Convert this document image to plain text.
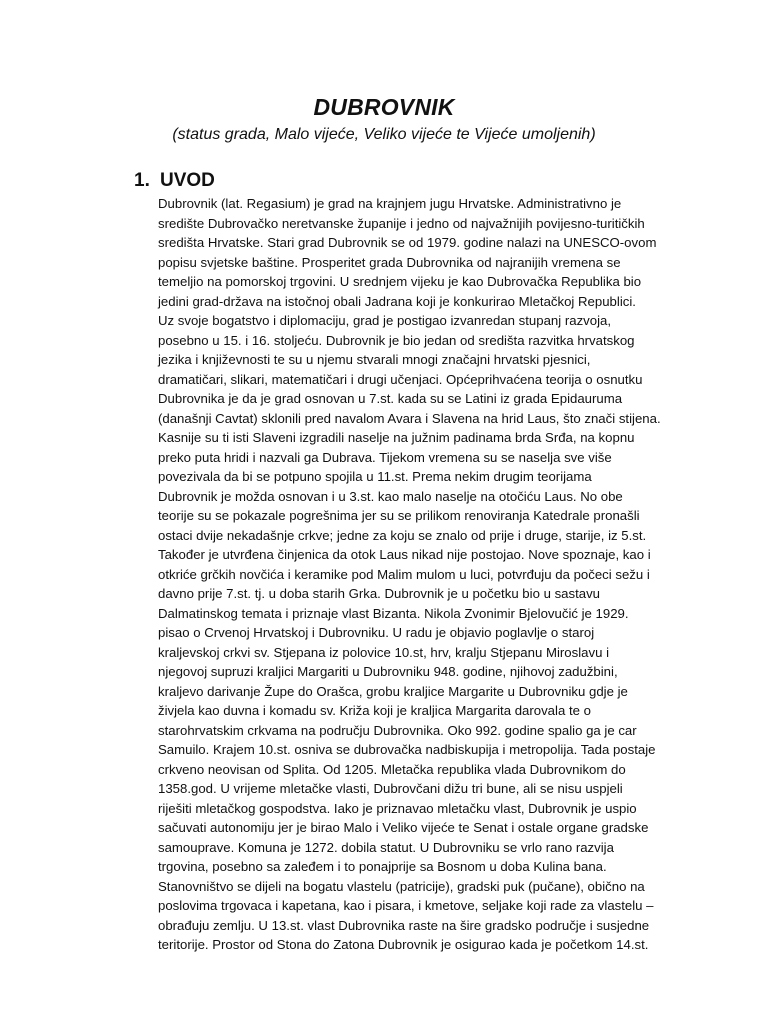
DUBROVNIK
(status grada, Malo vijeće, Veliko vijeće te Vijeće umoljenih)
1. UVOD
Dubrovnik (lat. Regasium) je grad na krajnjem jugu Hrvatske. Administrativno je
središte Dubrovačko neretvanske županije i jedno od najvažnijih povijesno-turitičkih
središta Hrvatske. Stari grad Dubrovnik se od 1979. godine nalazi na UNESCO-ovom
popisu svjetske baštine. Prosperitet grada Dubrovnika od najranijih vremena se
temeljio na pomorskoj trgovini. U srednjem vijeku je kao Dubrovačka Republika bio
jedini grad-država na istočnoj obali Jadrana koji je konkurirao Mletačkoj Republici.
Uz svoje bogatstvo i diplomaciju, grad je postigao izvanredan stupanj razvoja,
posebno u 15. i 16. stoljeću. Dubrovnik je bio jedan od središta razvitka hrvatskog
jezika i književnosti te su u njemu stvarali mnogi značajni hrvatski pjesnici,
dramatičari, slikari, matematičari i drugi učenjaci. Općeprihvaćena teorija o osnutku
Dubrovnika je da je grad osnovan u 7.st. kada su se Latini iz grada Epidauruma
(današnji Cavtat) sklonili pred navalom Avara i Slavena na hrid Laus, što znači stijena.
Kasnije su ti isti Slaveni izgradili naselje na južnim padinama brda Srđa, na kopnu
preko puta hridi i nazvali ga Dubrava. Tijekom vremena su se naselja sve više
povezivala da bi se potpuno spojila u 11.st. Prema nekim drugim teorijama
Dubrovnik je možda osnovan i u 3.st. kao malo naselje na otočiću Laus. No obe
teorije su se pokazale pogrešnima jer su se prilikom renoviranja Katedrale pronašli
ostaci dvije nekadašnje crkve; jedne za koju se znalo od prije i druge, starije, iz 5.st.
Također je utvrđena činjenica da otok Laus nikad nije postojao. Nove spoznaje, kao i
otkriće grčkih novčića i keramike pod Malim mulom u luci, potvrđuju da počeci sežu i
davno prije 7.st. tj. u doba starih Grka. Dubrovnik je u početku bio u sastavu
Dalmatinskog temata i priznaje vlast Bizanta. Nikola Zvonimir Bjelovučić je 1929.
pisao o Crvenoj Hrvatskoj i Dubrovniku. U radu je objavio poglavlje o staroj
kraljevskoj crkvi sv. Stjepana iz polovice 10.st, hrv, kralju Stjepanu Miroslavu i
njegovoj supruzi kraljici Margariti u Dubrovniku 948. godine, njihovoj zadužbini,
kraljevo darivanje Župe do Orašca, grobu kraljice Margarite u Dubrovniku gdje je
živjela kao duvna i komadu sv. Križa koji je kraljica Margarita darovala te o
starohrvatskim crkvama na području Dubrovnika. Oko 992. godine spalio ga je car
Samuilo. Krajem 10.st. osniva se dubrovačka nadbiskupija i metropolija. Tada postaje
crkveno neovisan od Splita. Od 1205. Mletačka republika vlada Dubrovnikom do
1358.god. U vrijeme mletačke vlasti, Dubrovčani dižu tri bune, ali se nisu uspjeli
riješiti mletačkog gospodstva. Iako je priznavao mletačku vlast, Dubrovnik je uspio
sačuvati autonomiju jer je birao Malo i Veliko vijeće te Senat i ostale organe gradske
samouprave. Komuna je 1272. dobila statut. U Dubrovniku se vrlo rano razvija
trgovina, posebno sa zaleđem i to ponajprije sa Bosnom u doba Kulina bana.
Stanovništvo se dijeli na bogatu vlastelu (patricije), gradski puk (pučane), obično na
poslovima trgovaca i kapetana, kao i pisara, i kmetove, seljake koji rade za vlastelu –
obrađuju zemlju. U 13.st. vlast Dubrovnika raste na šire gradsko područje i susjedne
teritorije. Prostor od Stona do Zatona Dubrovnik je osigurao kada je početkom 14.st.
